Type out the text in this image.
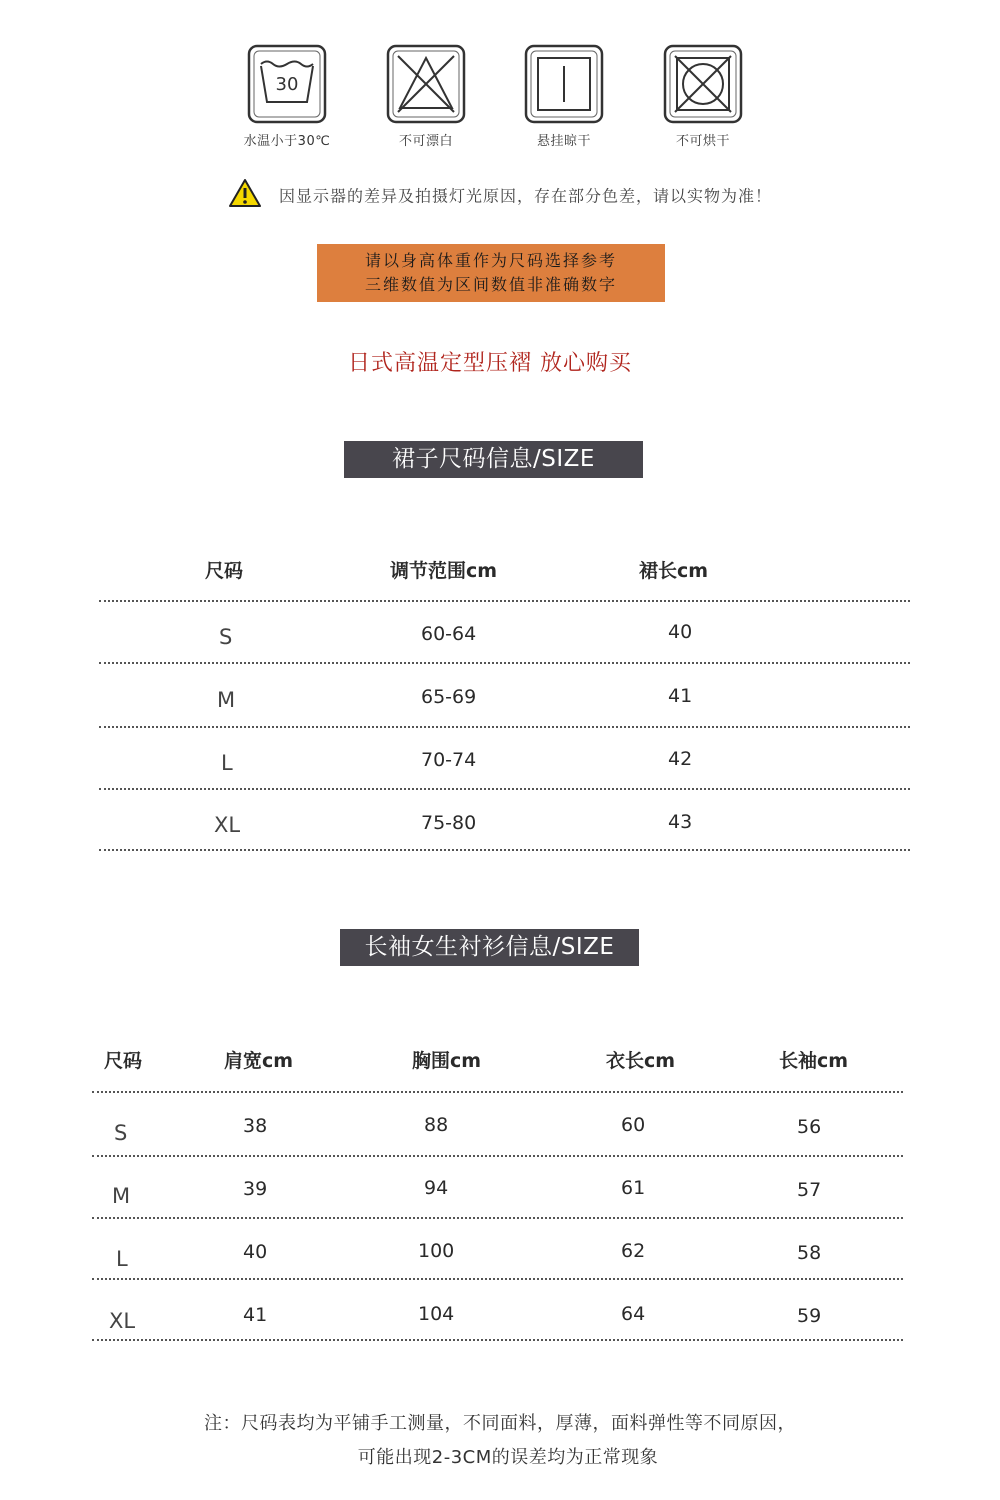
30
水温小于30℃	不可漂白	悬挂晾干	不可烘干
因显示器的差异及拍摄灯光原因，存在部分色差，请以实物为准！
请以身高体重作为尺码选择参考
三维数值为区间数值非准确数字
日式高温定型压褶 放心购买
裙子尺码信息/SIZE
尺码	调节范围cm	裙长cm
S	60-64	40
M	65-69	41
L	70-74	42
XL	75-80	43
长袖女生衬衫信息/SIZE
尺码	肩宽cm	胸围cm	衣长cm	长袖cm
S	38	88	60	56
M	39	94	61	57
L	40	100	62	58
XL	41	104	64	59
注：尺码表均为平铺手工测量，不同面料，厚薄，面料弹性等不同原因，
可能出现2-3CM的误差均为正常现象
